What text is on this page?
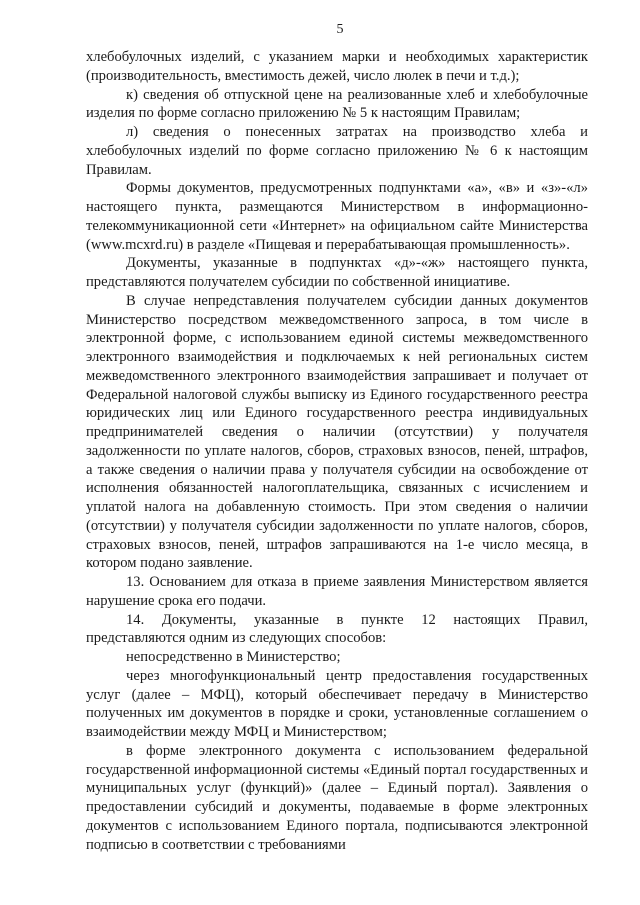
5

хлебобулочных изделий, с указанием марки и необходимых характеристик (производительность, вместимость дежей, число люлек в печи и т.д.);

к) сведения об отпускной цене на реализованные хлеб и хлебобулочные изделия по форме согласно приложению № 5 к настоящим Правилам;

л) сведения о понесенных затратах на производство хлеба и хлебобулочных изделий по форме согласно приложению № 6 к настоящим Правилам.

Формы документов, предусмотренных подпунктами «а», «в» и «з»-«л» настоящего пункта, размещаются Министерством в информационно-телекоммуникационной сети «Интернет» на официальном сайте Министерства (www.mcxrd.ru) в разделе «Пищевая и перерабатывающая промышленность».

Документы, указанные в подпунктах «д»-«ж» настоящего пункта, представляются получателем субсидии по собственной инициативе.

В случае непредставления получателем субсидии данных документов Министерство посредством межведомственного запроса, в том числе в электронной форме, с использованием единой системы межведомственного электронного взаимодействия и подключаемых к ней региональных систем межведомственного электронного взаимодействия запрашивает и получает от Федеральной налоговой службы выписку из Единого государственного реестра юридических лиц или Единого государственного реестра индивидуальных предпринимателей сведения о наличии (отсутствии) у получателя задолженности по уплате налогов, сборов, страховых взносов, пеней, штрафов, а также сведения о наличии права у получателя субсидии на освобождение от исполнения обязанностей налогоплательщика, связанных с исчислением и уплатой налога на добавленную стоимость. При этом сведения о наличии (отсутствии) у получателя субсидии задолженности по уплате налогов, сборов, страховых взносов, пеней, штрафов запрашиваются на 1-е число месяца, в котором подано заявление.

13. Основанием для отказа в приеме заявления Министерством является нарушение срока его подачи.

14. Документы, указанные в пункте 12 настоящих Правил, представляются одним из следующих способов:

непосредственно в Министерство;

через многофункциональный центр предоставления государственных услуг (далее – МФЦ), который обеспечивает передачу в Министерство полученных им документов в порядке и сроки, установленные соглашением о взаимодействии между МФЦ и Министерством;

в форме электронного документа с использованием федеральной государственной информационной системы «Единый портал государственных и муниципальных услуг (функций)» (далее – Единый портал). Заявления о предоставлении субсидий и документы, подаваемые в форме электронных документов с использованием Единого портала, подписываются электронной подписью в соответствии с требованиями
